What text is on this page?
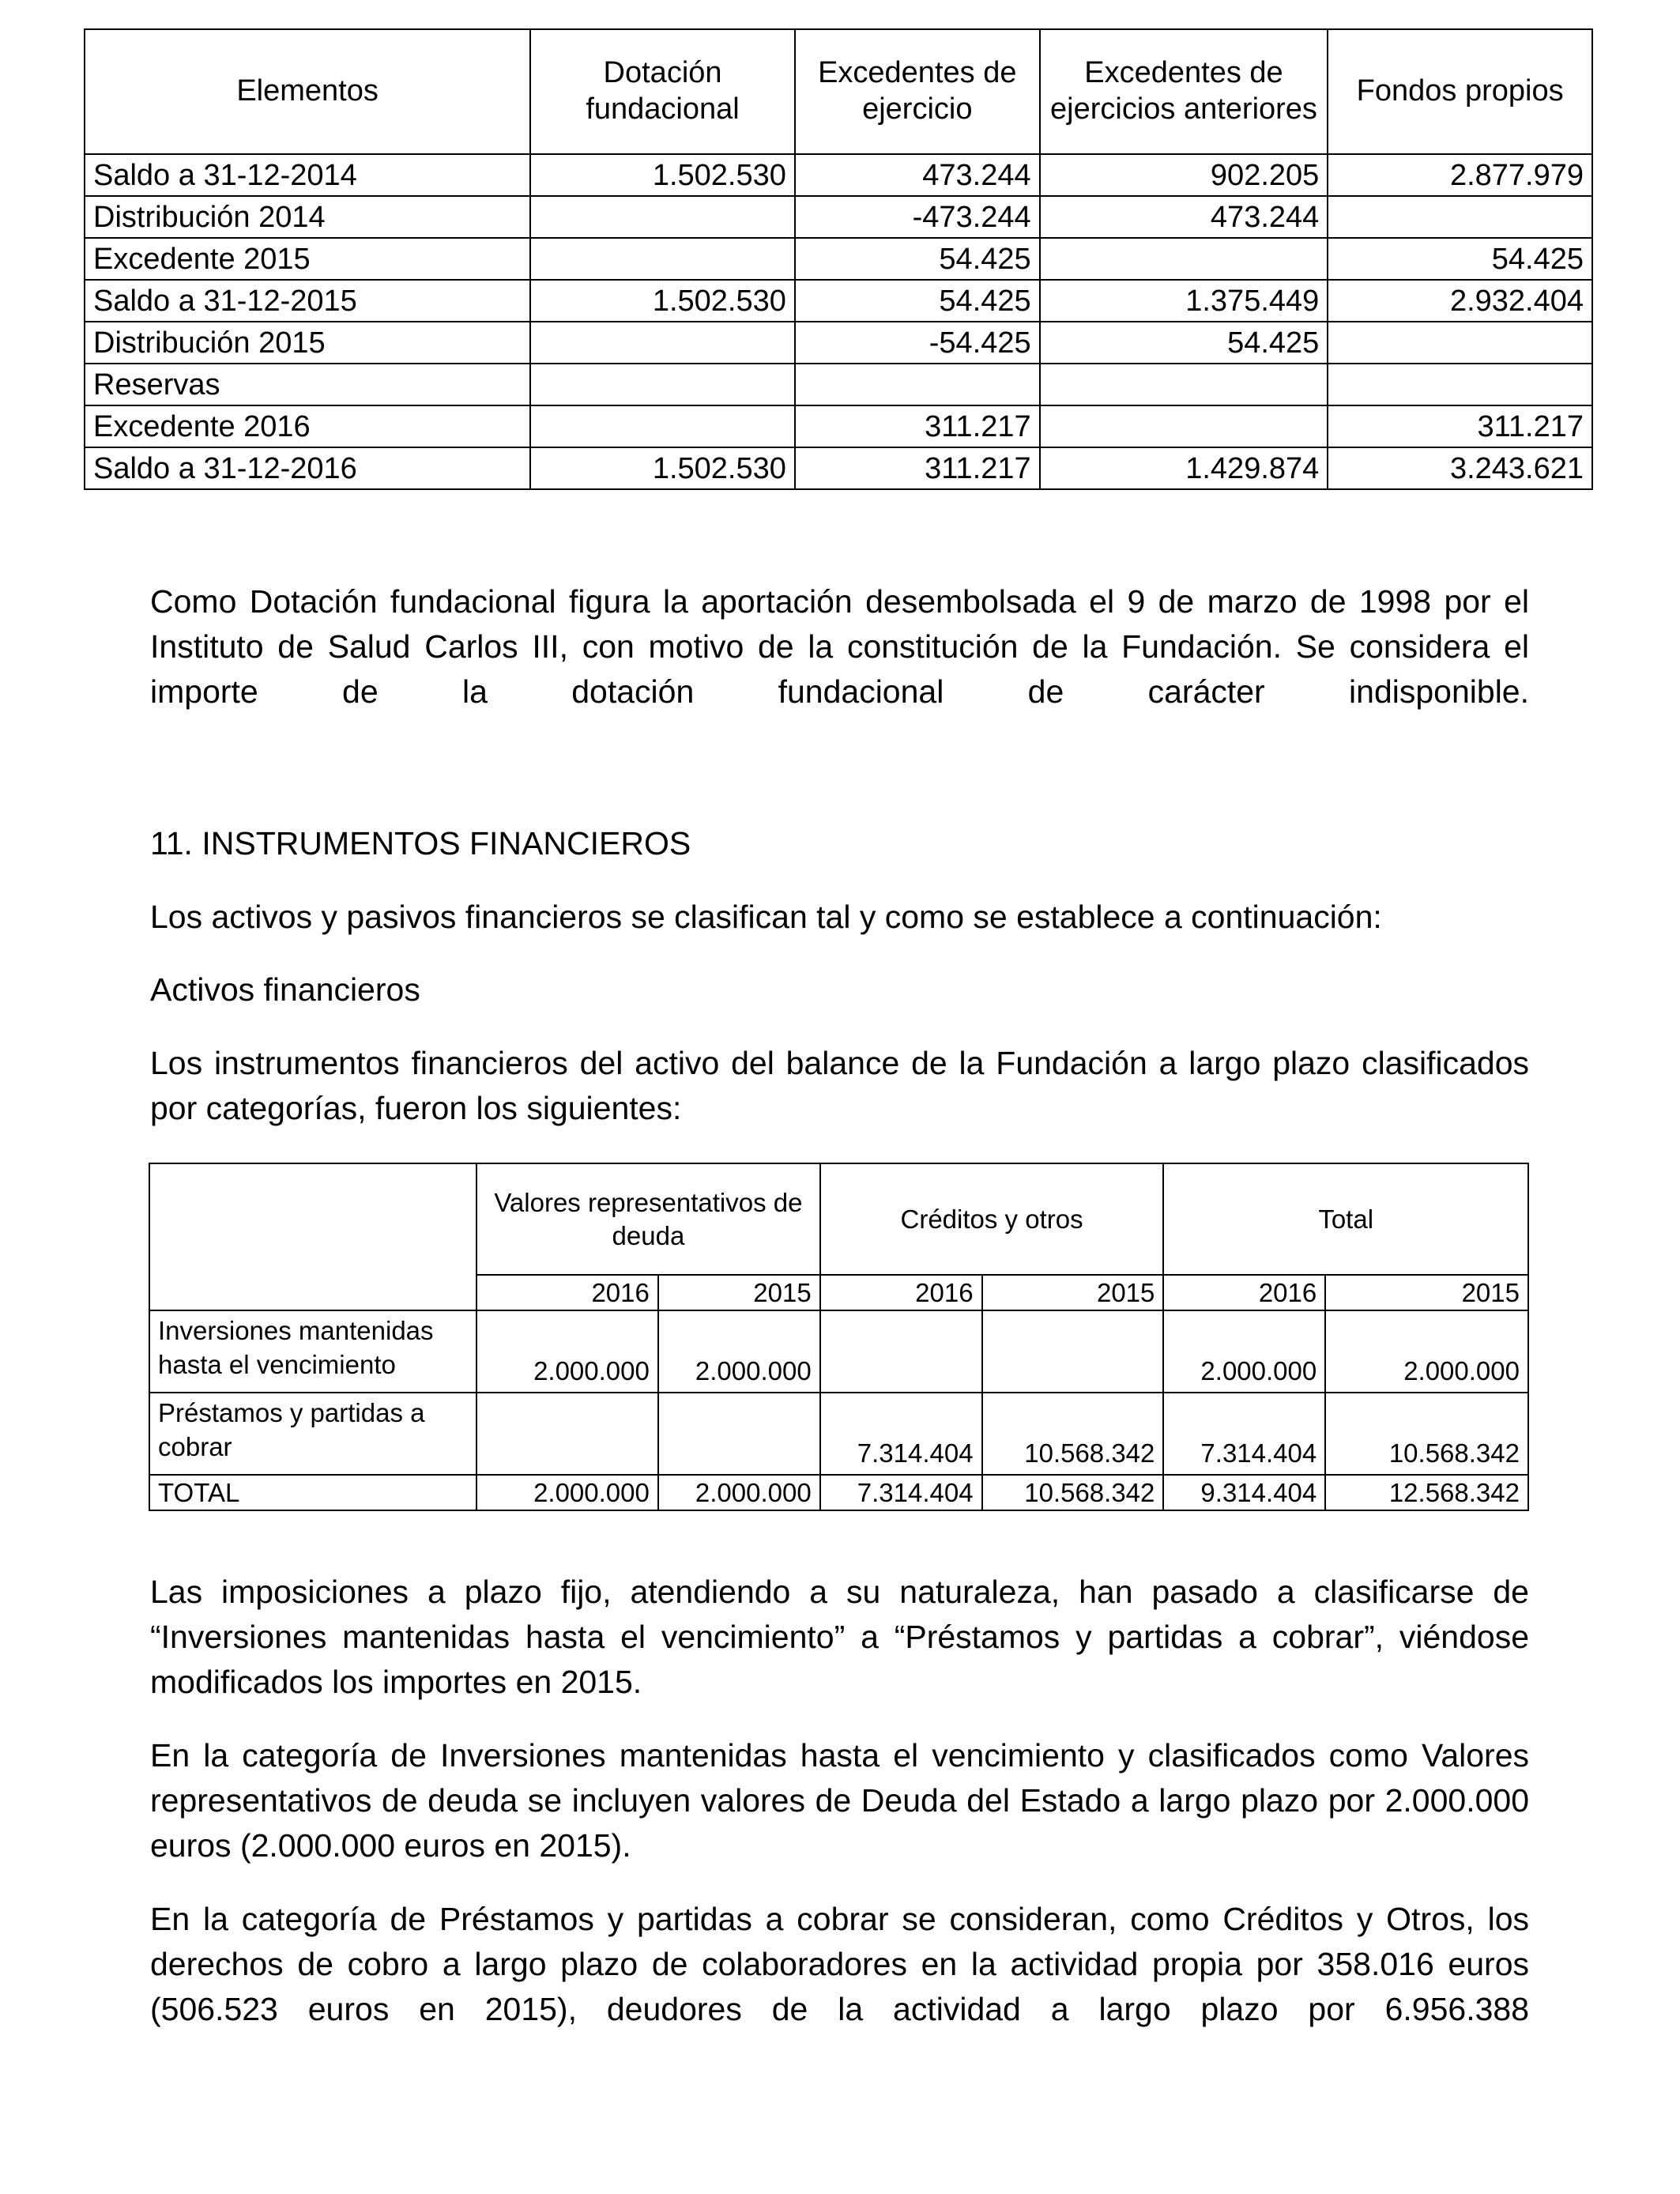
Elementos	Dotación fundacional	Excedentes de ejercicio	Excedentes de ejercicios anteriores	Fondos propios
Saldo a 31-12-2014	1.502.530	473.244	902.205	2.877.979
Distribución 2014		-473.244	473.244	
Excedente 2015		54.425		54.425
Saldo a 31-12-2015	1.502.530	54.425	1.375.449	2.932.404
Distribución 2015		-54.425	54.425	
Reservas				
Excedente 2016		311.217		311.217
Saldo a 31-12-2016	1.502.530	311.217	1.429.874	3.243.621

Como Dotación fundacional figura la aportación desembolsada el 9 de marzo de 1998 por el Instituto de Salud Carlos III, con motivo de la constitución de la Fundación. Se considera el importe de la dotación fundacional de carácter indisponible.

11. INSTRUMENTOS FINANCIEROS

Los activos y pasivos financieros se clasifican tal y como se establece a continuación:

Activos financieros

Los instrumentos financieros del activo del balance de la Fundación a largo plazo clasificados por categorías, fueron los siguientes:

	Valores representativos de deuda		Créditos y otros		Total	
	2016	2015	2016	2015	2016	2015
Inversiones mantenidas hasta el vencimiento	2.000.000	2.000.000			2.000.000	2.000.000
Préstamos y partidas a cobrar			7.314.404	10.568.342	7.314.404	10.568.342
TOTAL	2.000.000	2.000.000	7.314.404	10.568.342	9.314.404	12.568.342

Las imposiciones a plazo fijo, atendiendo a su naturaleza, han pasado a clasificarse de “Inversiones mantenidas hasta el vencimiento” a “Préstamos y partidas a cobrar”, viéndose modificados los importes en 2015.

En la categoría de Inversiones mantenidas hasta el vencimiento y clasificados como Valores representativos de deuda se incluyen valores de Deuda del Estado a largo plazo por 2.000.000 euros (2.000.000 euros en 2015).

En la categoría de Préstamos y partidas a cobrar se consideran, como Créditos y Otros, los derechos de cobro a largo plazo de colaboradores en la actividad propia por 358.016 euros (506.523 euros en 2015), deudores de la actividad a largo plazo por 6.956.388
